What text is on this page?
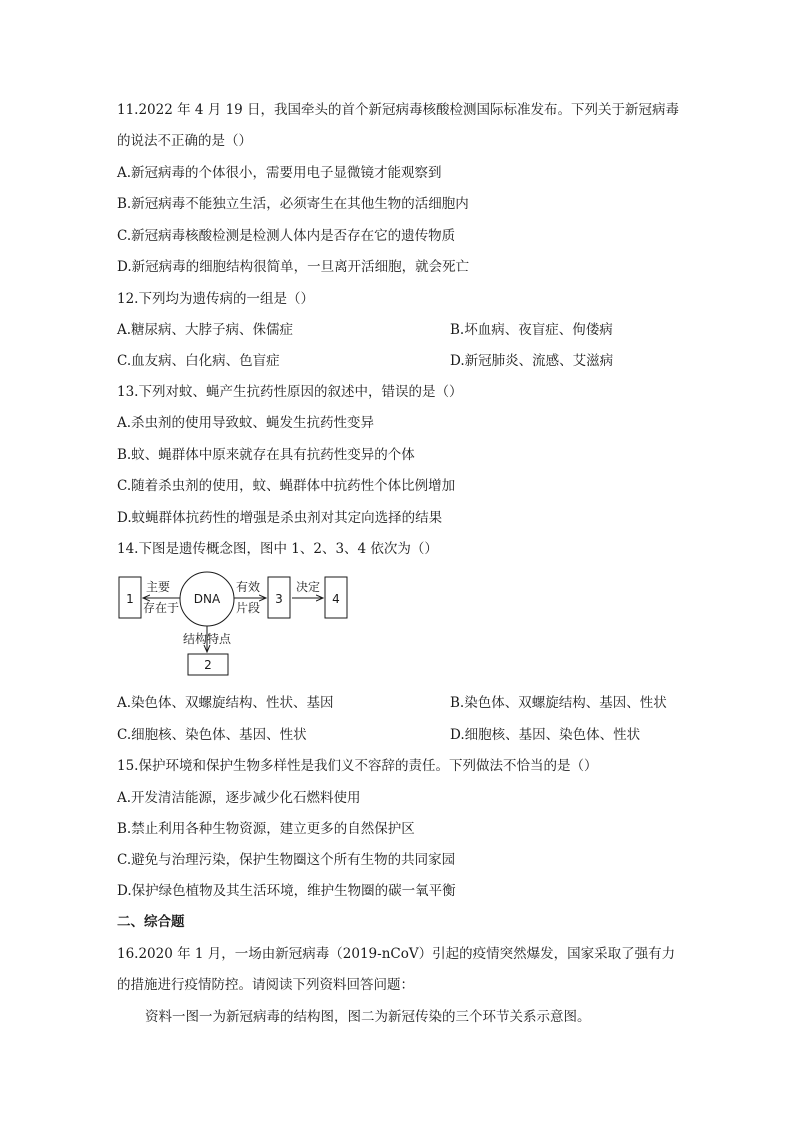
11.2022 年 4 月 19 日，我国牵头的首个新冠病毒核酸检测国际标准发布。下列关于新冠病毒
的说法不正确的是（）
A.新冠病毒的个体很小，需要用电子显微镜才能观察到
B.新冠病毒不能独立生活，必须寄生在其他生物的活细胞内
C.新冠病毒核酸检测是检测人体内是否存在它的遗传物质
D.新冠病毒的细胞结构很简单，一旦离开活细胞，就会死亡
12.下列均为遗传病的一组是（）
A.糖尿病、大脖子病、侏儒症	B.坏血病、夜盲症、佝偻病
C.血友病、白化病、色盲症	D.新冠肺炎、流感、艾滋病
13.下列对蚊、蝇产生抗药性原因的叙述中，错误的是（）
A.杀虫剂的使用导致蚊、蝇发生抗药性变异
B.蚊、蝇群体中原来就存在具有抗药性变异的个体
C.随着杀虫剂的使用，蚊、蝇群体中抗药性个体比例增加
D.蚊蝇群体抗药性的增强是杀虫剂对其定向选择的结果
14.下图是遗传概念图，图中 1、2、3、4 依次为（）
1
主要
存在于
DNA
有效
片段
3
决定
4
结构特点
2
A.染色体、双螺旋结构、性状、基因	B.染色体、双螺旋结构、基因、性状
C.细胞核、染色体、基因、性状	D.细胞核、基因、染色体、性状
15.保护环境和保护生物多样性是我们义不容辞的责任。下列做法不恰当的是（）
A.开发清洁能源，逐步减少化石燃料使用
B.禁止利用各种生物资源，建立更多的自然保护区
C.避免与治理污染，保护生物圈这个所有生物的共同家园
D.保护绿色植物及其生活环境，维护生物圈的碳一氧平衡
二、综合题
16.2020 年 1 月，一场由新冠病毒（2019-nCoV）引起的疫情突然爆发，国家采取了强有力
的措施进行疫情防控。请阅读下列资料回答问题：
资料一图一为新冠病毒的结构图，图二为新冠传染的三个环节关系示意图。
